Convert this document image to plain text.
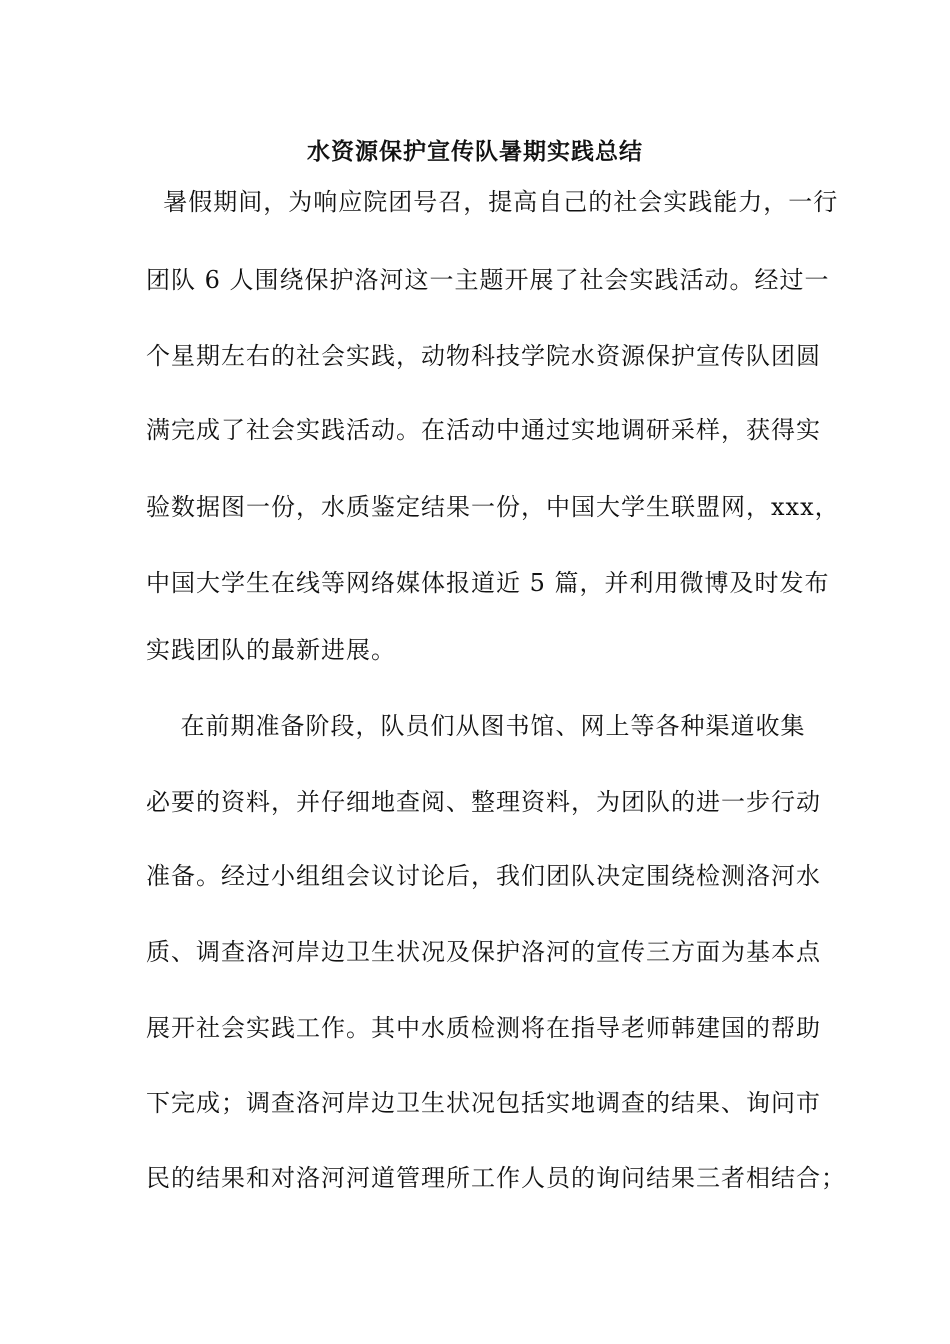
水资源保护宣传队暑期实践总结
暑假期间，为响应院团号召，提高自己的社会实践能力，一行
团队 6 人围绕保护洛河这一主题开展了社会实践活动。经过一
个星期左右的社会实践，动物科技学院水资源保护宣传队团圆
满完成了社会实践活动。在活动中通过实地调研采样，获得实
验数据图一份，水质鉴定结果一份，中国大学生联盟网，xxx，
中国大学生在线等网络媒体报道近 5 篇，并利用微博及时发布
实践团队的最新进展。
在前期准备阶段，队员们从图书馆、网上等各种渠道收集
必要的资料，并仔细地查阅、整理资料，为团队的进一步行动
准备。经过小组组会议讨论后，我们团队决定围绕检测洛河水
质、调查洛河岸边卫生状况及保护洛河的宣传三方面为基本点
展开社会实践工作。其中水质检测将在指导老师韩建国的帮助
下完成；调查洛河岸边卫生状况包括实地调查的结果、询问市
民的结果和对洛河河道管理所工作人员的询问结果三者相结合；
